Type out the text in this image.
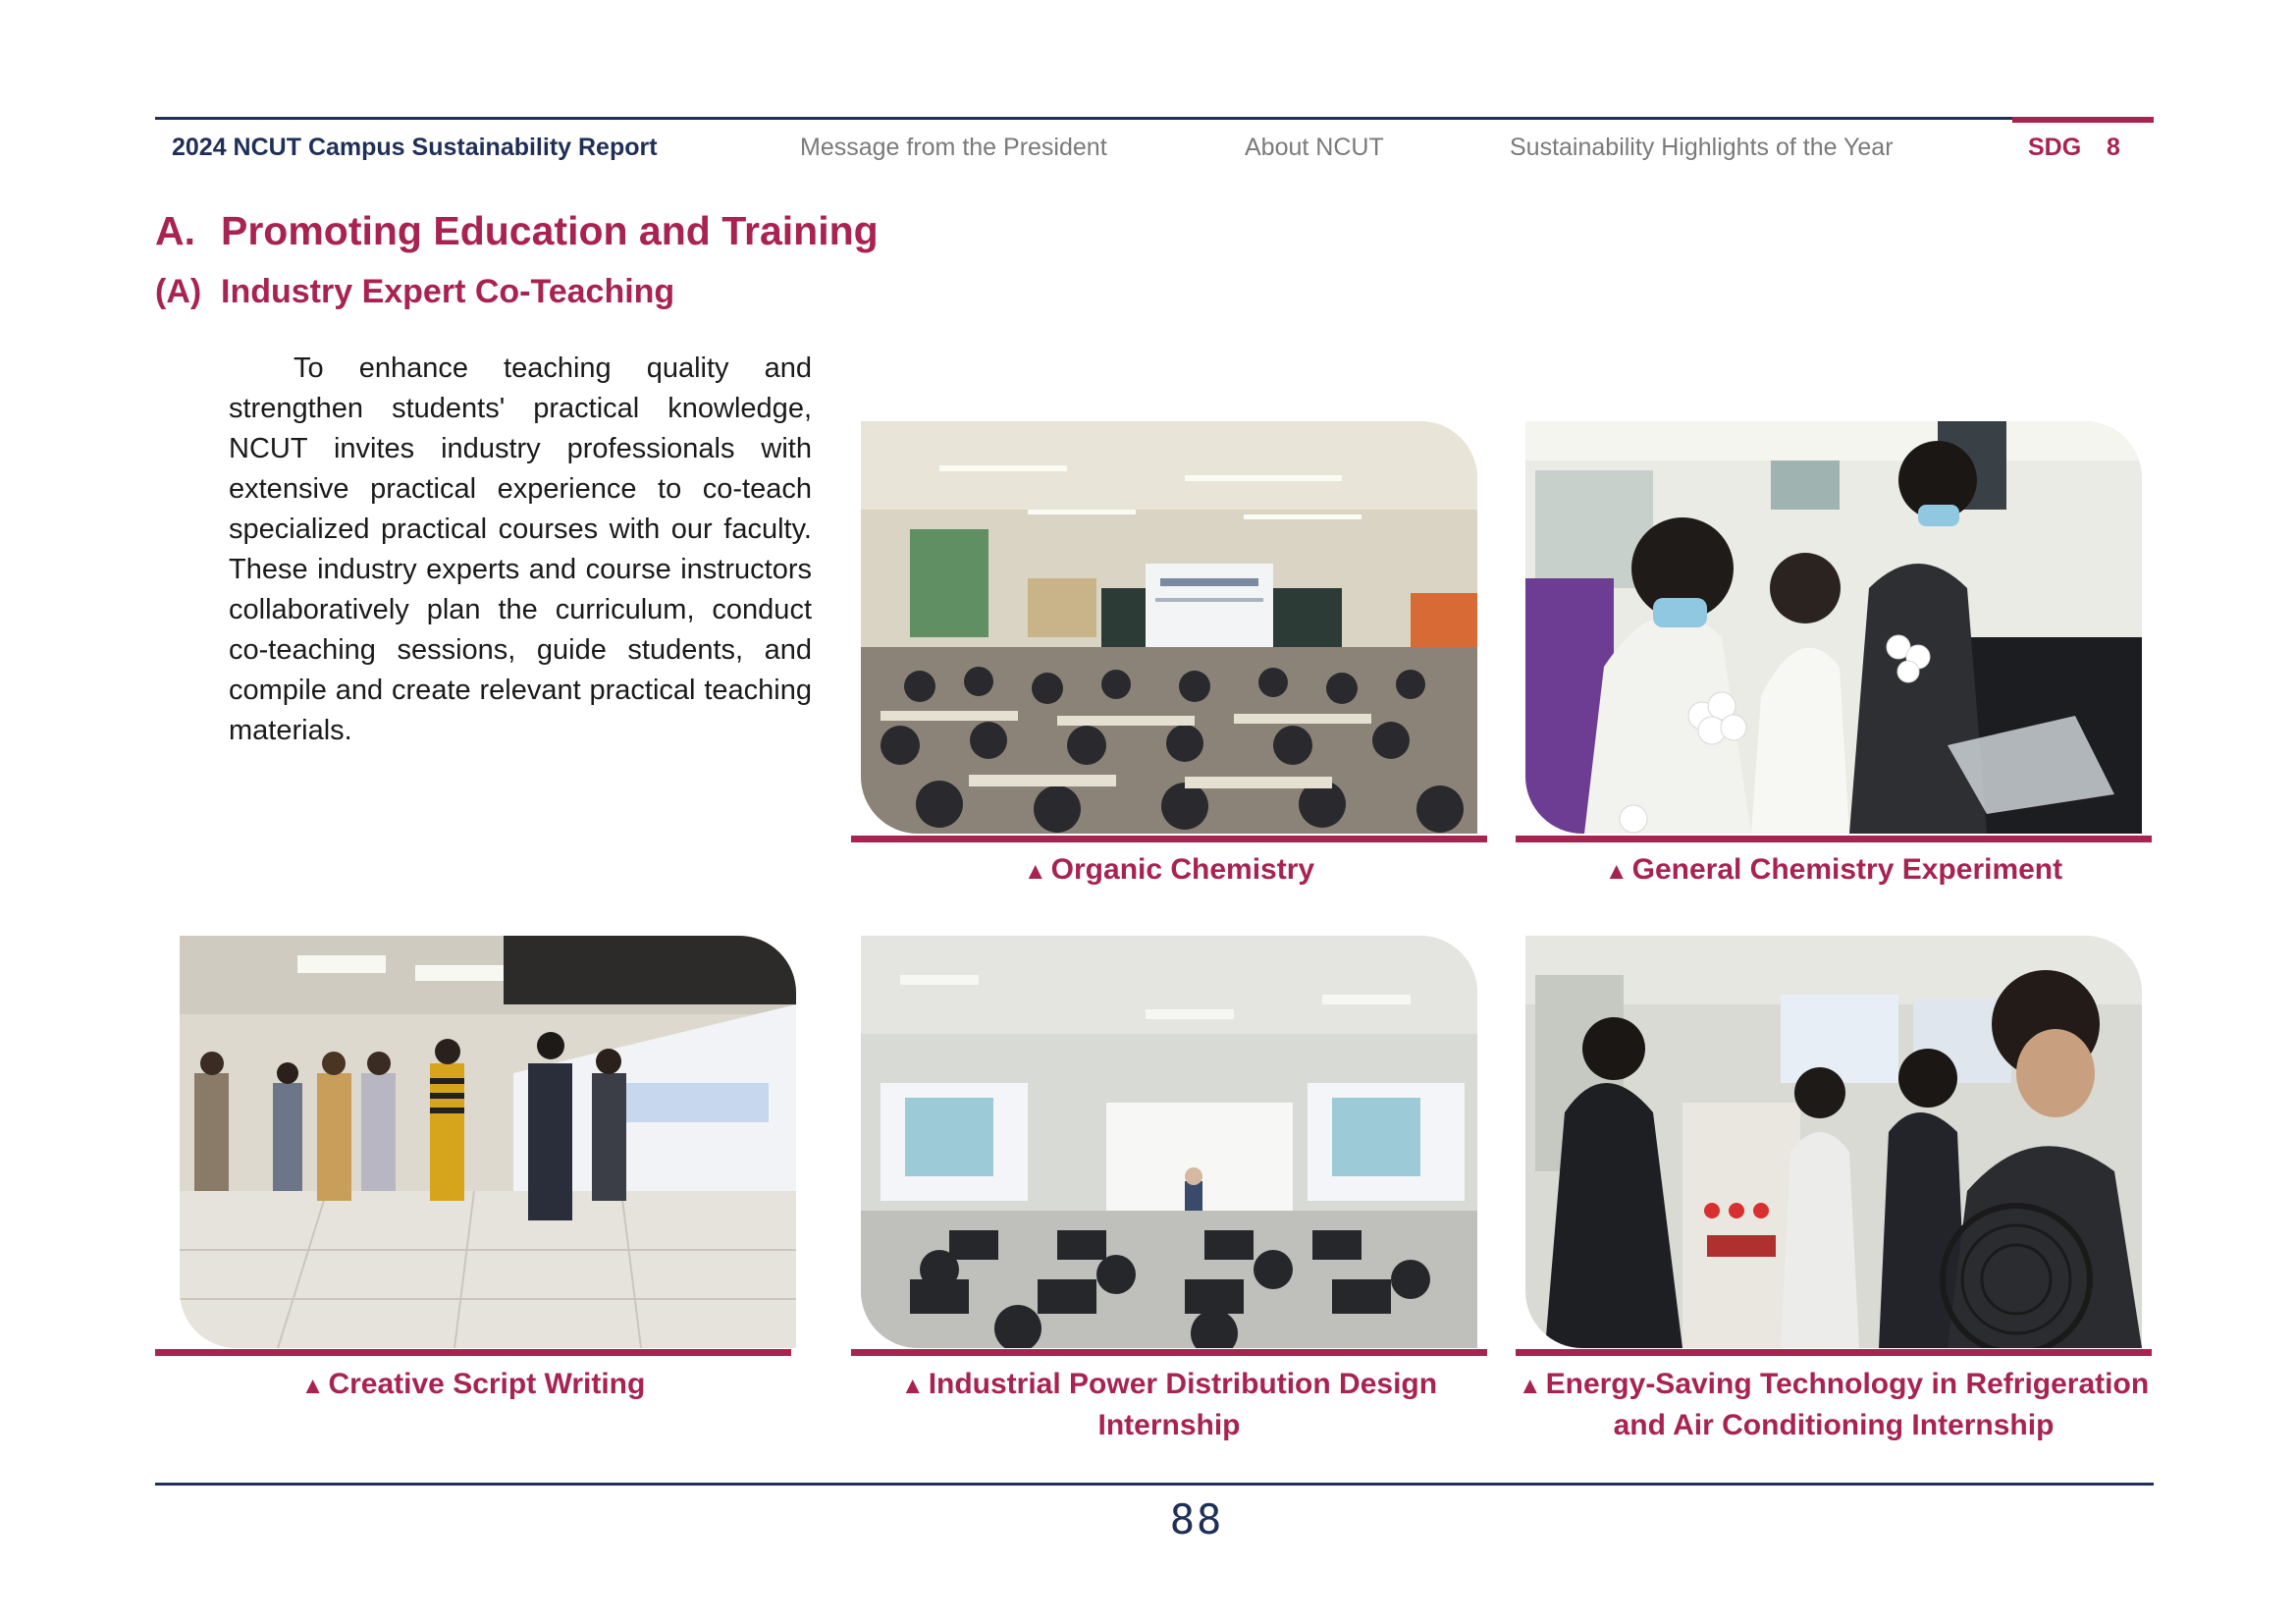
2024 NCUT Campus Sustainability Report	Message from the President	About NCUT	Sustainability Highlights of the Year	SDG 8
A. Promoting Education and Training
(A) Industry Expert Co-Teaching
To enhance teaching quality and strengthen students' practical knowledge, NCUT invites industry professionals with extensive practical experience to co-teach specialized practical courses with our faculty. These industry experts and course instructors collaboratively plan the curriculum, conduct co-teaching sessions, guide students, and compile and create relevant practical teaching materials.
▲ Organic Chemistry	▲ General Chemistry Experiment
▲ Creative Script Writing	▲ Industrial Power Distribution Design Internship
▲ Energy-Saving Technology in Refrigeration and Air Conditioning Internship
88
